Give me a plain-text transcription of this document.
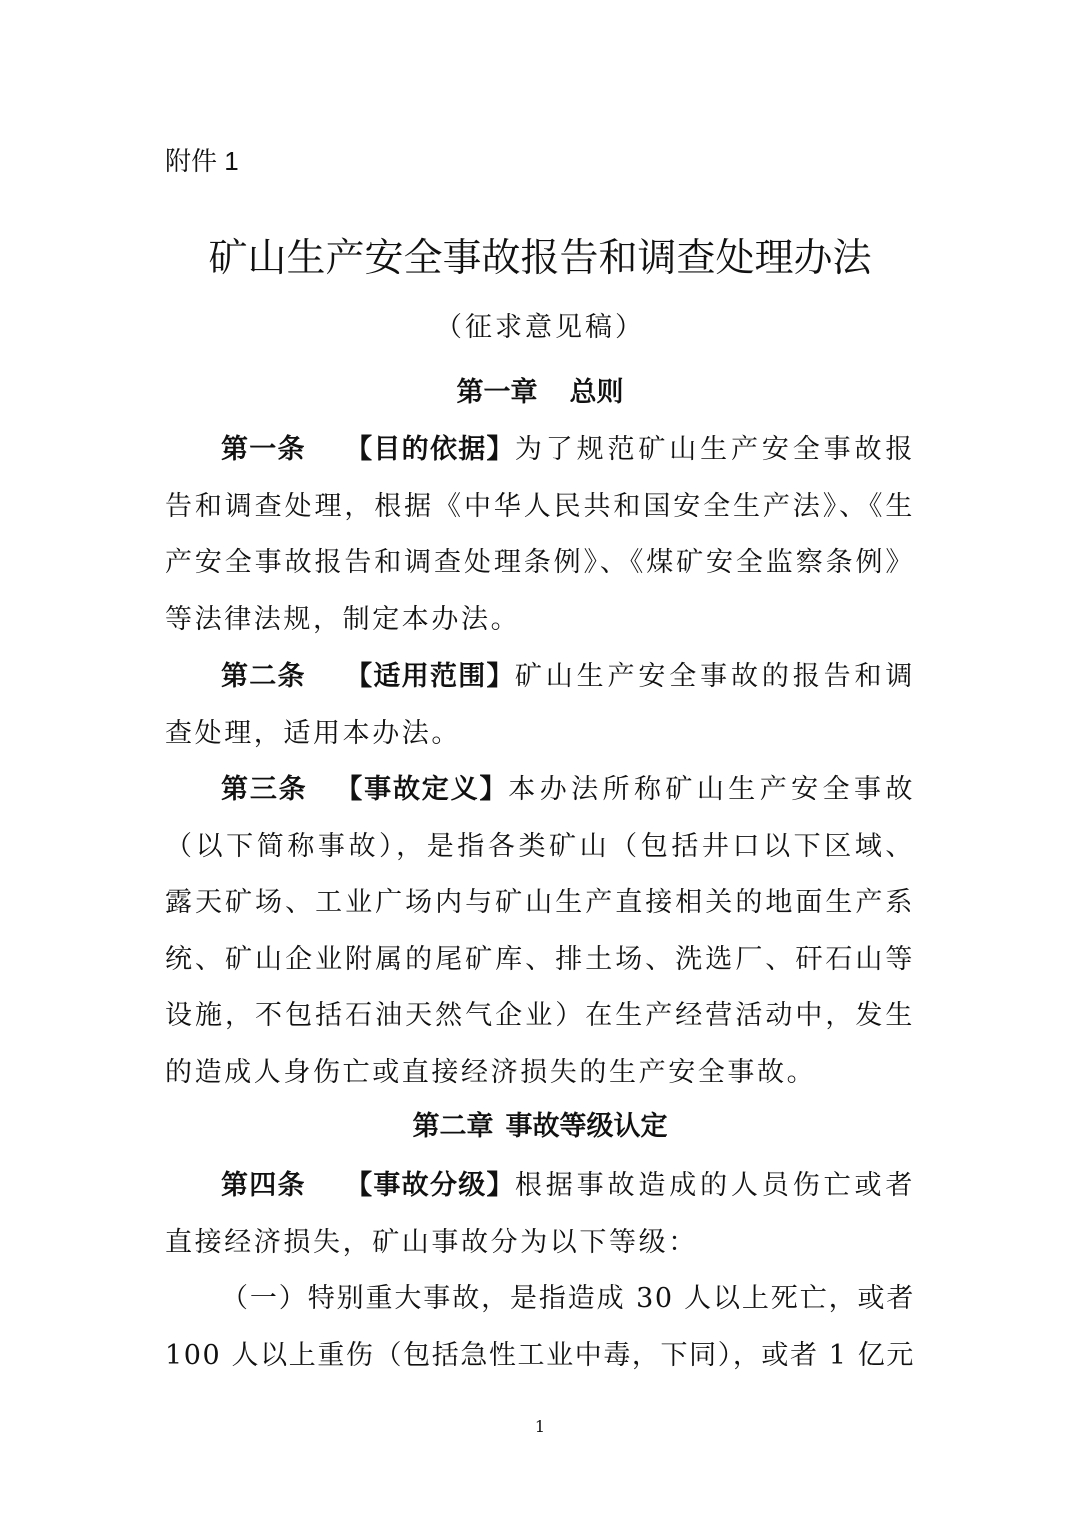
附件 1
矿山生产安全事故报告和调查处理办法
（征求意见稿）
第一章 总则
第一条 【目的依据】为了规范矿山生产安全事故报告和调查处理，根据《中华人民共和国安全生产法》、《生产安全事故报告和调查处理条例》、《煤矿安全监察条例》等法律法规，制定本办法。
第二条 【适用范围】矿山生产安全事故的报告和调查处理，适用本办法。
第三条 【事故定义】本办法所称矿山生产安全事故（以下简称事故），是指各类矿山（包括井口以下区域、露天矿场、工业广场内与矿山生产直接相关的地面生产系统、矿山企业附属的尾矿库、排土场、洗选厂、矸石山等设施，不包括石油天然气企业）在生产经营活动中，发生的造成人身伤亡或直接经济损失的生产安全事故。
第二章 事故等级认定
第四条 【事故分级】根据事故造成的人员伤亡或者直接经济损失，矿山事故分为以下等级：
（一）特别重大事故，是指造成 30 人以上死亡，或者 100 人以上重伤（包括急性工业中毒，下同），或者 1 亿元
1
